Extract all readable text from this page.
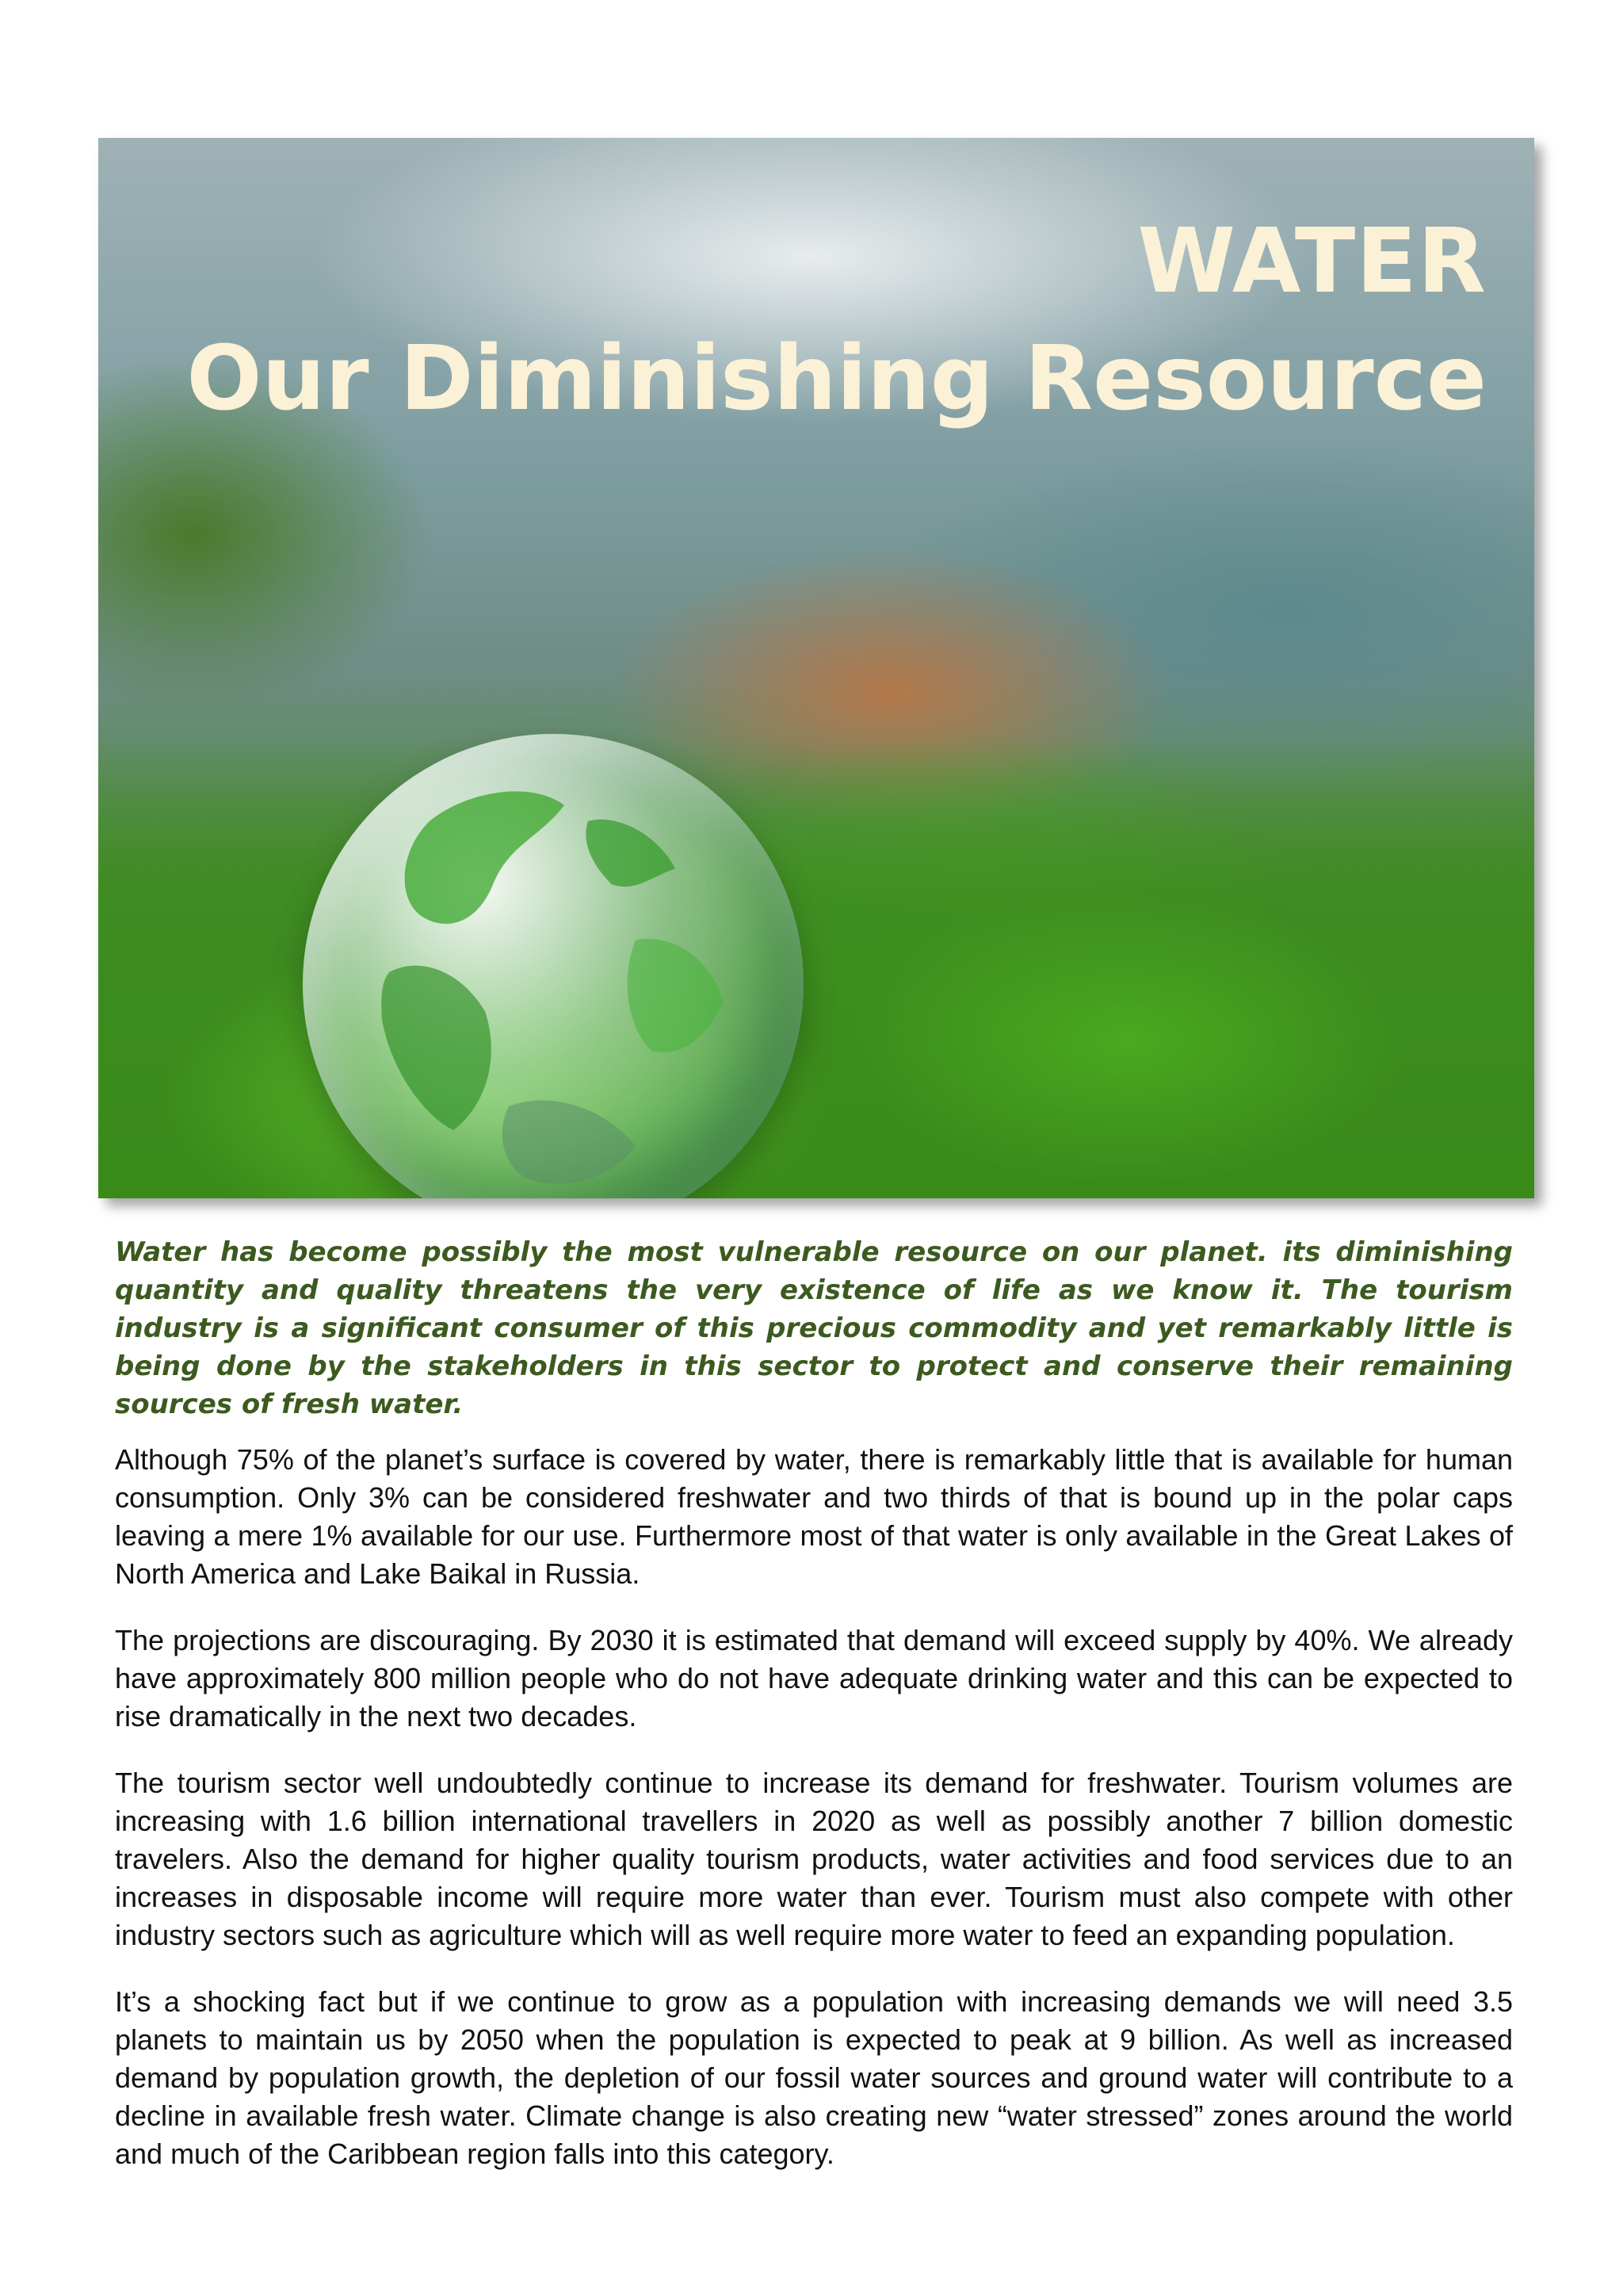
WATER
Our Diminishing Resource

Water has become possibly the most vulnerable resource on our planet. its diminishing quantity and quality threatens the very existence of life as we know it. The tourism industry is a significant consumer of this precious commodity and yet remarkably little is being done by the stakeholders in this sector to protect and conserve their remaining sources of fresh water.

Although 75% of the planet’s surface is covered by water, there is remarkably little that is available for human consumption. Only 3% can be considered freshwater and two thirds of that is bound up in the polar caps leaving a mere 1% available for our use. Furthermore most of that water is only available in the Great Lakes of North America and Lake Baikal in Russia.

The projections are discouraging. By 2030 it is estimated that demand will exceed supply by 40%. We already have approximately 800 million people who do not have adequate drinking water and this can be expected to rise dramatically in the next two decades.

The tourism sector well undoubtedly continue to increase its demand for freshwater. Tourism volumes are increasing with 1.6 billion international travellers in 2020 as well as possibly another 7 billion domestic travelers. Also the demand for higher quality tourism products, water activities and food services due to an increases in disposable income will require more water than ever. Tourism must also compete with other industry sectors such as agriculture which will as well require more water to feed an expanding population.

It’s a shocking fact but if we continue to grow as a population with increasing demands we will need 3.5 planets to maintain us by 2050 when the population is expected to peak at 9 billion. As well as increased demand by population growth, the depletion of our fossil water sources and ground water will contribute to a decline in available fresh water. Climate change is also creating new “water stressed” zones around the world and much of the Caribbean region falls into this category.
